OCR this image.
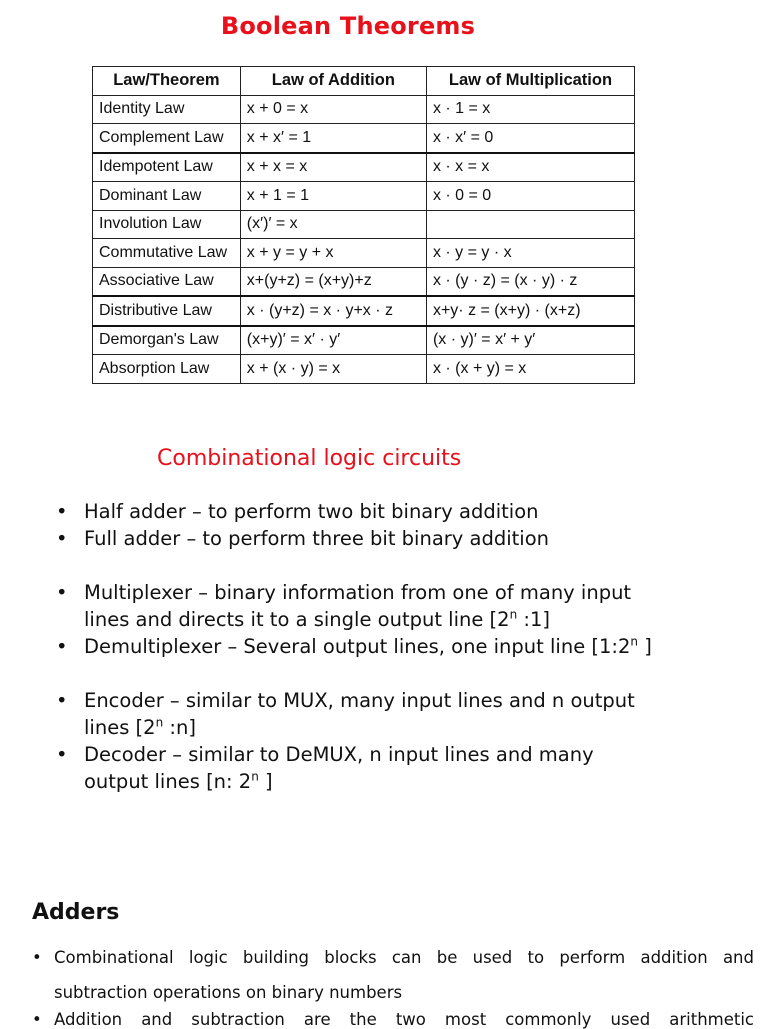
Boolean Theorems
Law/Theorem	Law of Addition	Law of Multiplication
Identity Law	x + 0 = x	x · 1 = x
Complement Law	x + x′ = 1	x · x′ = 0
Idempotent Law	x + x = x	x · x = x
Dominant Law	x + 1 = 1	x · 0 = 0
Involution Law	(x′)′ = x	
Commutative Law	x + y = y + x	x · y = y · x
Associative Law	x+(y+z) = (x+y)+z	x · (y · z) = (x · y) · z
Distributive Law	x · (y+z) = x · y+x · z	x+y· z = (x+y) · (x+z)
Demorgan's Law	(x+y)′ = x′ · y′	(x · y)′ = x′ + y′
Absorption Law	x + (x · y) = x	x · (x + y) = x
Combinational logic circuits
• Half adder – to perform two bit binary addition
• Full adder – to perform three bit binary addition
• Multiplexer – binary information from one of many input
lines and directs it to a single output line [2$^n$ :1]
• Demultiplexer – Several output lines, one input line [1:2$^n$ ]
• Encoder – similar to MUX, many input lines and n output
lines [2$^n$ :n]
• Decoder – similar to DeMUX, n input lines and many
output lines [n: 2$^n$ ]
Adders
• Combinational logic building blocks can be used to perform addition and
subtraction operations on binary numbers
• Addition and subtraction are the two most commonly used arithmetic
